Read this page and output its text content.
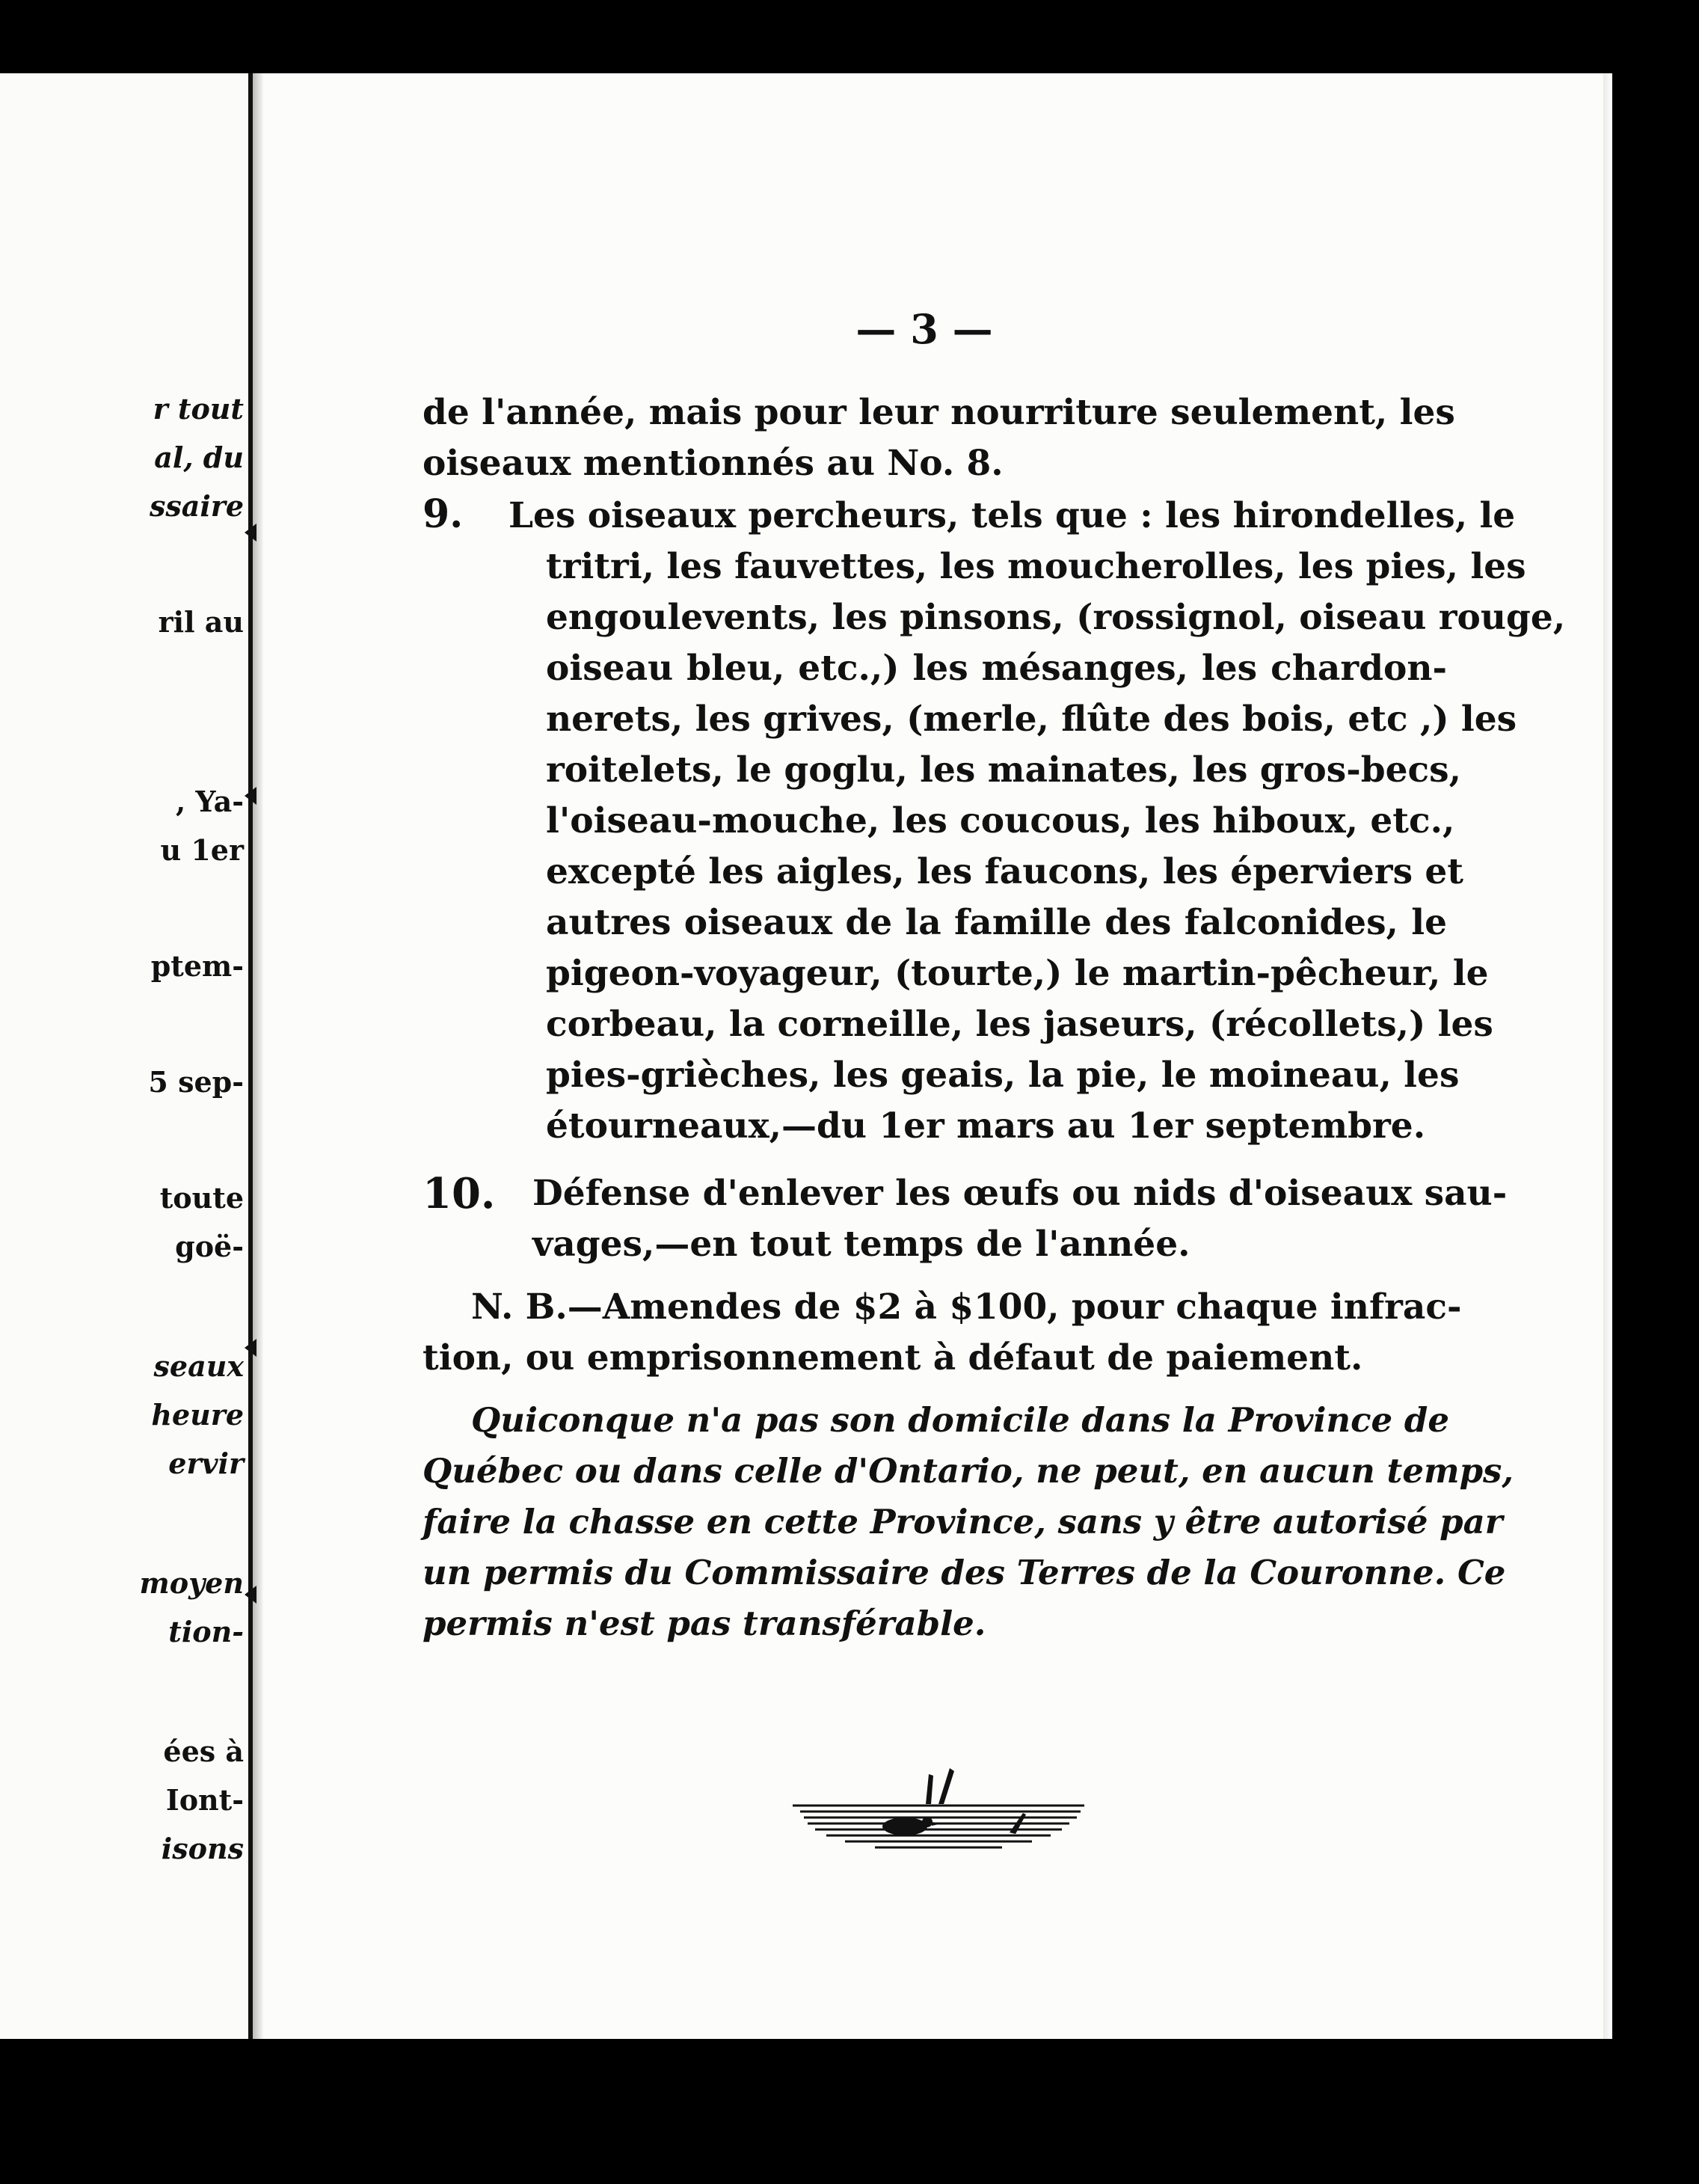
r tout
al, du
ssaire
ril au
, Ya-
u 1er
ptem-
5 sep-
toute
goë-
seaux
heure
ervir
moyen
tion-
ées à
Iont-
isons
— 3 —
de l'année, mais pour leur nourriture seulement, les
oiseaux mentionnés au No. 8.
9. Les oiseaux percheurs, tels que : les hirondelles, le
tritri, les fauvettes, les moucherolles, les pies, les
engoulevents, les pinsons, (rossignol, oiseau rouge,
oiseau bleu, etc.,) les mésanges, les chardon-
nerets, les grives, (merle, flûte des bois, etc ,) les
roitelets, le goglu, les mainates, les gros-becs,
l'oiseau-mouche, les coucous, les hiboux, etc.,
excepté les aigles, les faucons, les éperviers et
autres oiseaux de la famille des falconides, le
pigeon-voyageur, (tourte,) le martin-pêcheur, le
corbeau, la corneille, les jaseurs, (récollets,) les
pies-grièches, les geais, la pie, le moineau, les
étourneaux,—du 1er mars au 1er septembre.
10. Défense d'enlever les œufs ou nids d'oiseaux sau-
vages,—en tout temps de l'année.
N. B.—Amendes de $2 à $100, pour chaque infrac-
tion, ou emprisonnement à défaut de paiement.
Quiconque n'a pas son domicile dans la Province de
Québec ou dans celle d'Ontario, ne peut, en aucun temps,
faire la chasse en cette Province, sans y être autorisé par
un permis du Commissaire des Terres de la Couronne. Ce
permis n'est pas transférable.
